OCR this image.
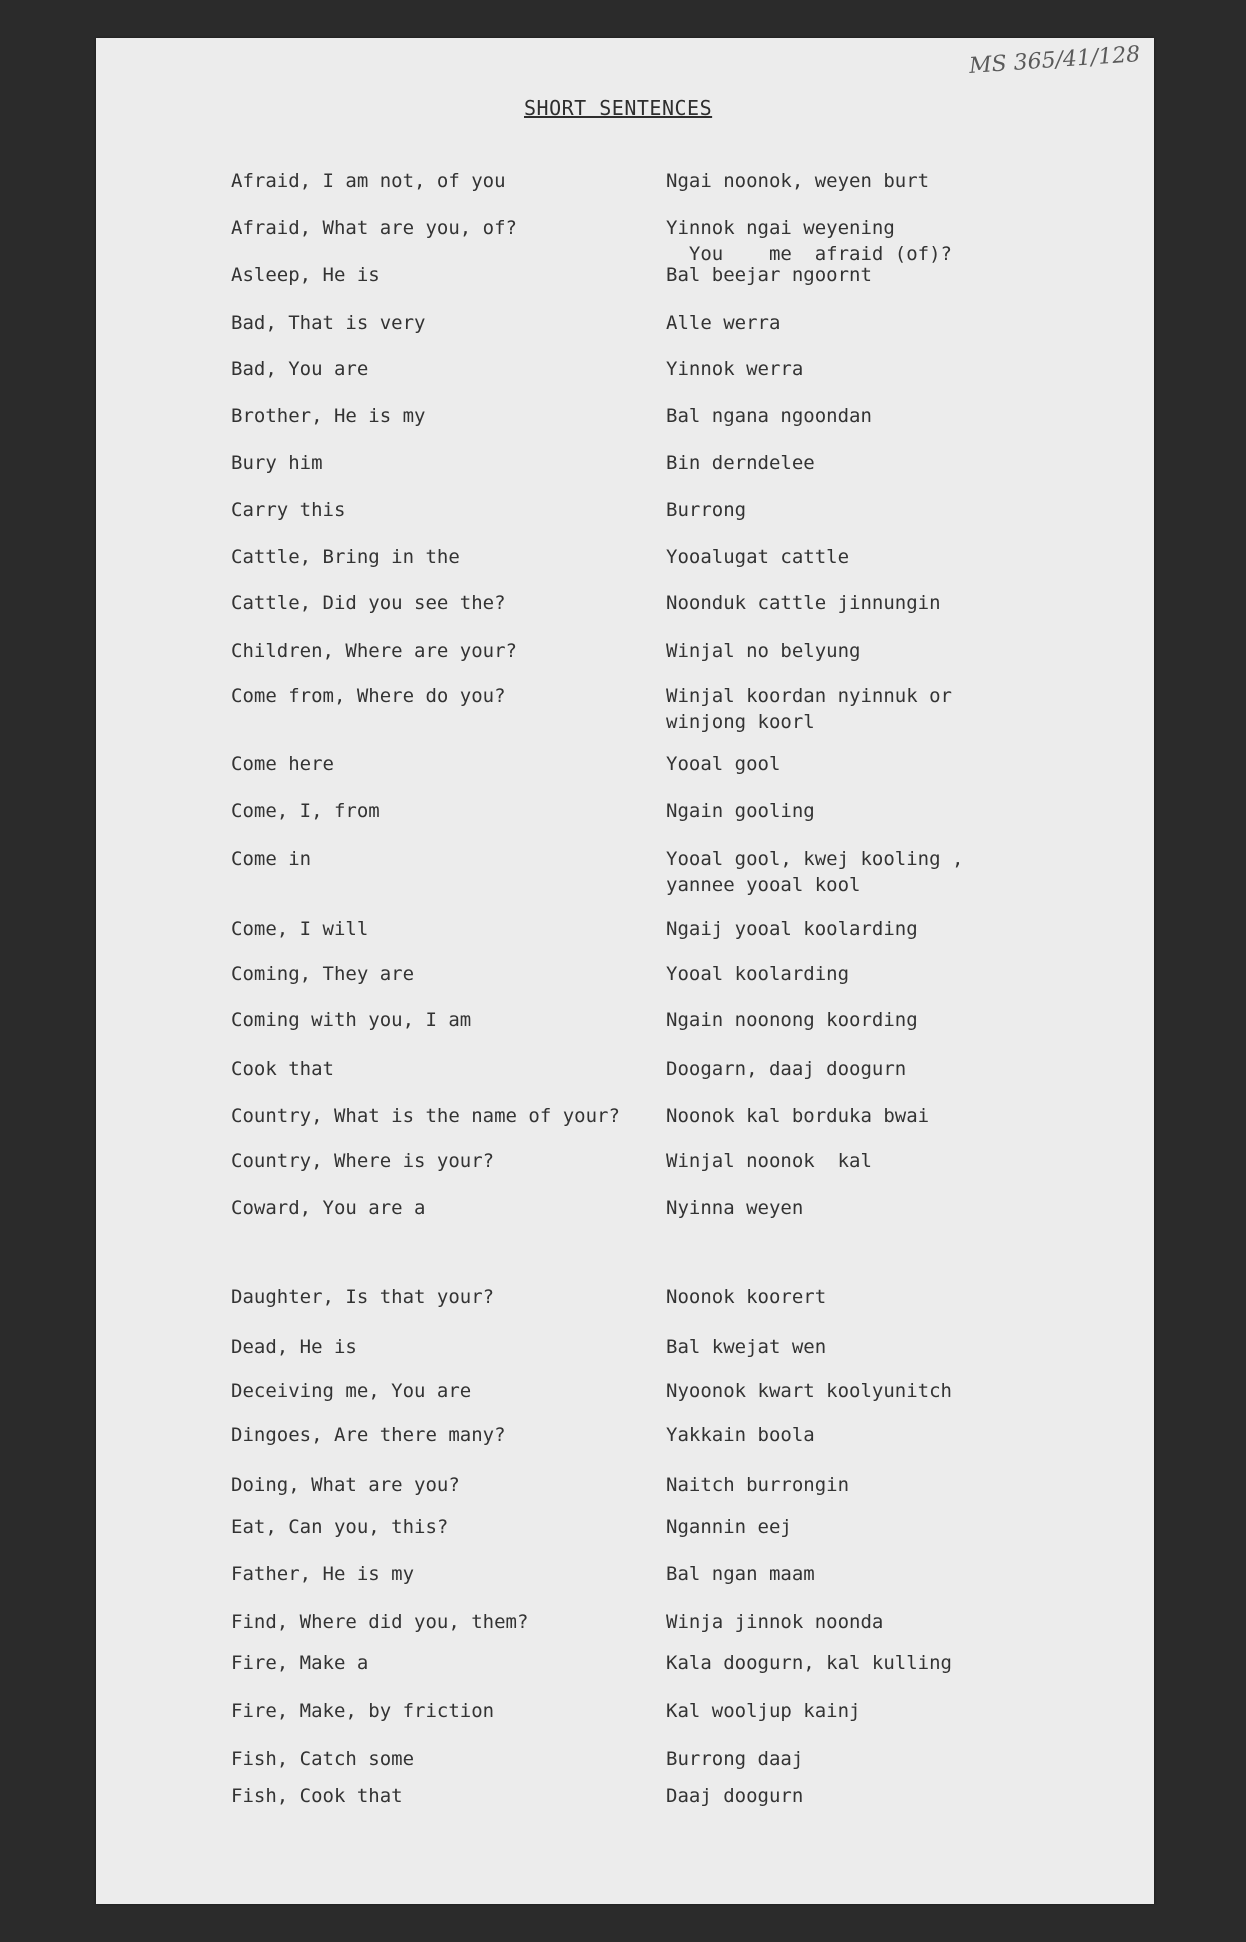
MS 365/41/128
SHORT SENTENCES
Afraid, I am not, of you	Ngai noonok, weyen burt
Afraid, What are you, of?	Yinnok ngai weyening
You    me  afraid (of)?
Asleep, He is	Bal beejar ngoornt
Bad, That is very	Alle werra
Bad, You are	Yinnok werra
Brother, He is my	Bal ngana ngoondan
Bury him	Bin derndelee
Carry this	Burrong
Cattle, Bring in the	Yooalugat cattle
Cattle, Did you see the?	Noonduk cattle jinnungin
Children, Where are your?	Winjal no belyung
Come from, Where do you?	Winjal koordan nyinnuk or
winjong koorl
Come here	Yooal gool
Come, I, from	Ngain gooling
Come in	Yooal gool, kwej kooling ,
yannee yooal kool
Come, I will	Ngaij yooal koolarding
Coming, They are	Yooal koolarding
Coming with you, I am	Ngain noonong koording
Cook that	Doogarn, daaj doogurn
Country, What is the name of your? Noonok kal borduka bwai
Country, Where is your?	Winjal noonok  kal
Coward, You are a	Nyinna weyen
Daughter, Is that your?	Noonok koorert
Dead, He is	Bal kwejat wen
Deceiving me, You are	Nyoonok kwart koolyunitch
Dingoes, Are there many?	Yakkain boola
Doing, What are you?	Naitch burrongin
Eat, Can you, this?	Ngannin eej
Father, He is my	Bal ngan maam
Find, Where did you, them?	Winja jinnok noonda
Fire, Make a	Kala doogurn, kal kulling
Fire, Make, by friction	Kal wooljup kainj
Fish, Catch some	Burrong daaj
Fish, Cook that	Daaj doogurn
